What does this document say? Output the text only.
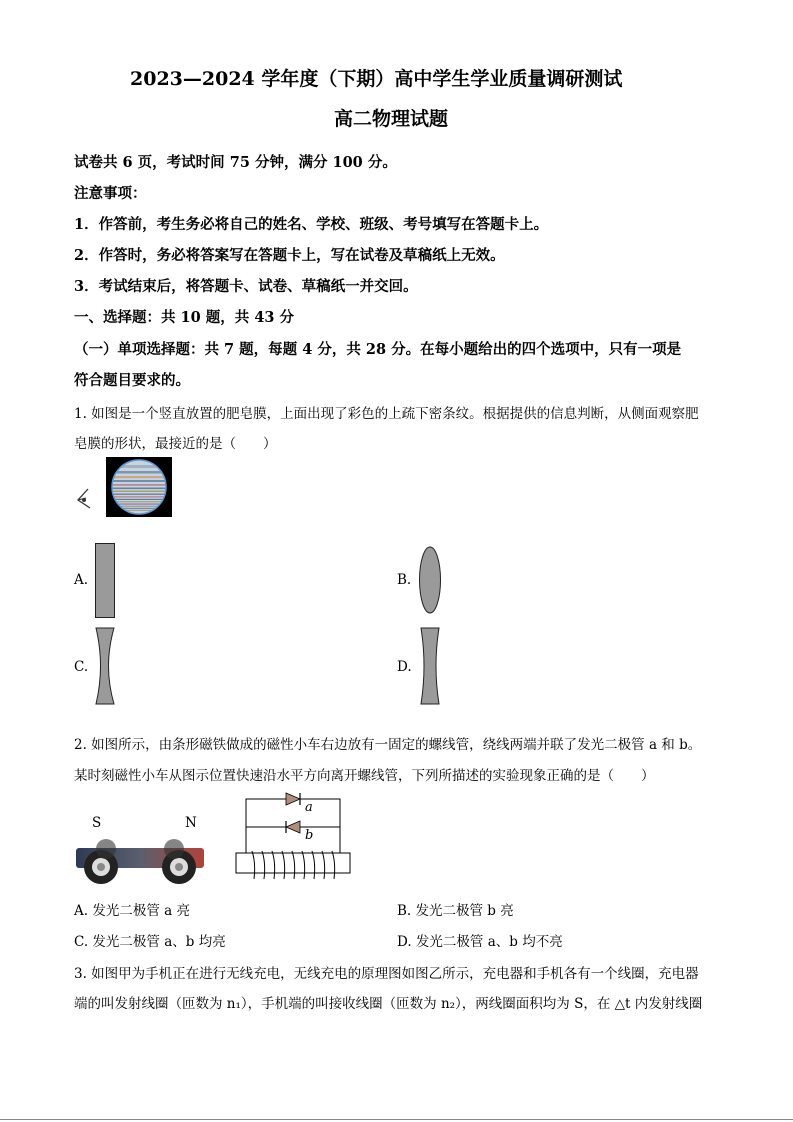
2023—2024 学年度（下期）高中学生学业质量调研测试
高二物理试题
试卷共 6 页，考试时间 75 分钟，满分 100 分。
注意事项：
1．作答前，考生务必将自己的姓名、学校、班级、考号填写在答题卡上。
2．作答时，务必将答案写在答题卡上，写在试卷及草稿纸上无效。
3．考试结束后，将答题卡、试卷、草稿纸一并交回。
一、选择题：共 10 题，共 43 分
（一）单项选择题：共 7 题，每题 4 分，共 28 分。在每小题给出的四个选项中，只有一项是
符合题目要求的。
1. 如图是一个竖直放置的肥皂膜，上面出现了彩色的上疏下密条纹。根据提供的信息判断，从侧面观察肥
皂膜的形状，最接近的是（　　）
A.	B.
C.	D.
2. 如图所示，由条形磁铁做成的磁性小车右边放有一固定的螺线管，绕线两端并联了发光二极管 a 和 b。
某时刻磁性小车从图示位置快速沿水平方向离开螺线管，下列所描述的实验现象正确的是（　　）
S	N
a
b
A. 发光二极管 a 亮	B. 发光二极管 b 亮
C. 发光二极管 a、b 均亮	D. 发光二极管 a、b 均不亮
3. 如图甲为手机正在进行无线充电，无线充电的原理图如图乙所示，充电器和手机各有一个线圈，充电器
端的叫发射线圈（匝数为 n₁），手机端的叫接收线圈（匝数为 n₂），两线圈面积均为 S，在 △t 内发射线圈
